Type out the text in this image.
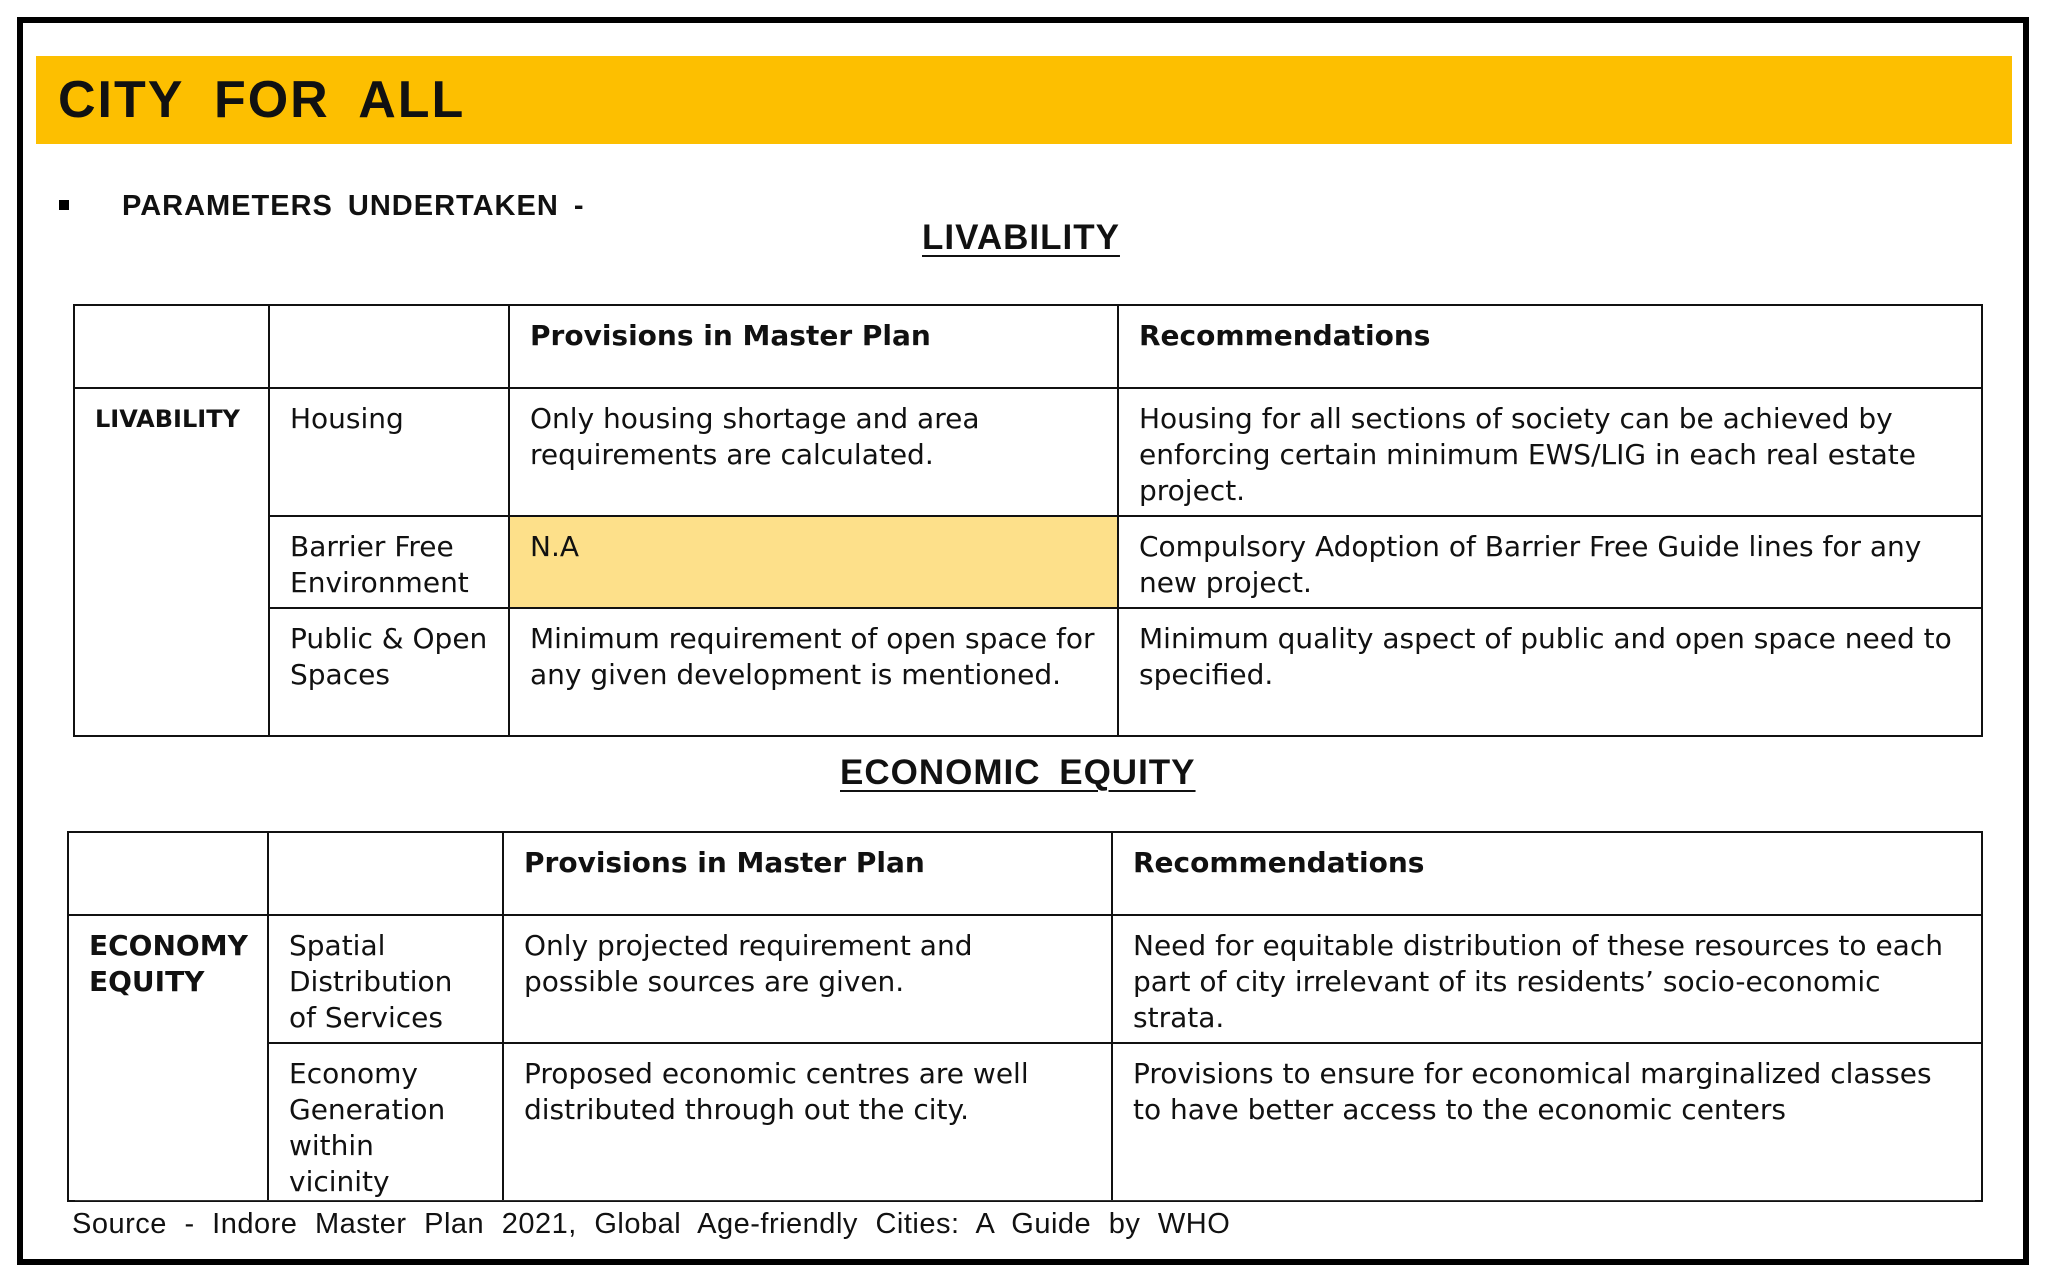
CITY FOR ALL
PARAMETERS UNDERTAKEN -
LIVABILITY
		Provisions in Master Plan	Recommendations
LIVABILITY	Housing	Only housing shortage and area requirements are calculated.	Housing for all sections of society can be achieved by enforcing certain minimum EWS/LIG in each real estate project.
	Barrier Free Environment	N.A	Compulsory Adoption of Barrier Free Guide lines for any new project.
	Public & Open Spaces	Minimum requirement of open space for any given development is mentioned.	Minimum quality aspect of public and open space need to specified.
ECONOMIC EQUITY
		Provisions in Master Plan	Recommendations
ECONOMY EQUITY	Spatial Distribution of Services	Only projected requirement and possible sources are given.	Need for equitable distribution of these resources to each part of city irrelevant of its residents’ socio-economic strata.
	Economy Generation within vicinity	Proposed economic centres are well distributed through out the city.	Provisions to ensure for economical marginalized classes to have better access to the economic centers
Source - Indore Master Plan 2021, Global Age-friendly Cities: A Guide by WHO
